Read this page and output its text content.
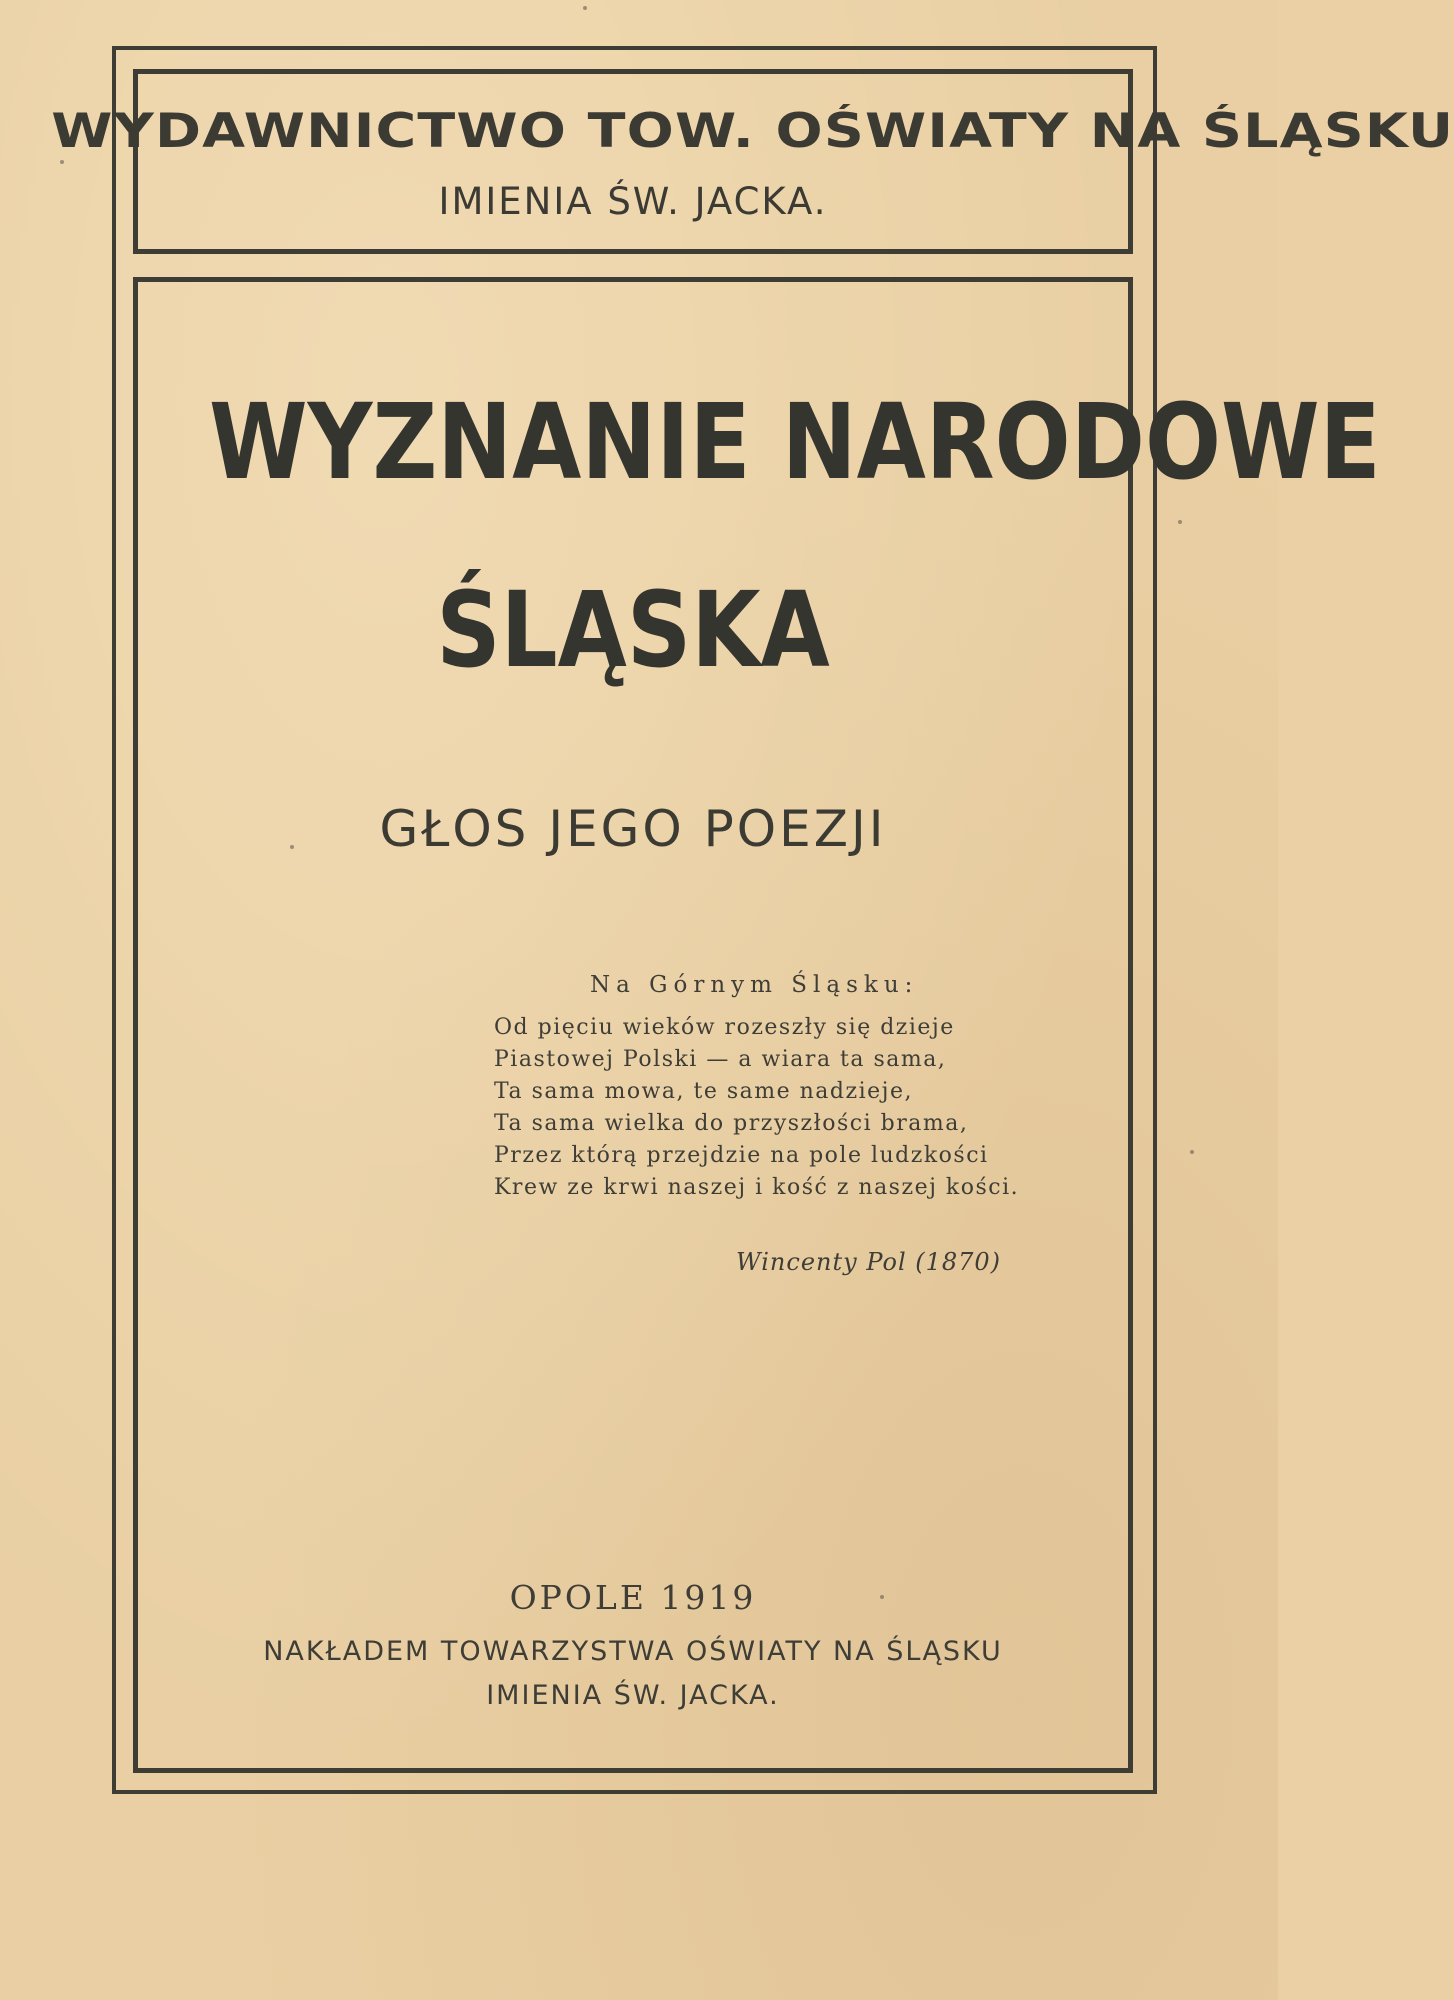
WYDAWNICTWO TOW. OŚWIATY NA ŚLĄSKU
IMIENIA ŚW. JACKA.
WYZNANIE NARODOWE
ŚLĄSKA
GŁOS JEGO POEZJI
Na Górnym Śląsku:
Od pięciu wieków rozeszły się dzieje
Piastowej Polski — a wiara ta sama,
Ta sama mowa, te same nadzieje,
Ta sama wielka do przyszłości brama,
Przez którą przejdzie na pole ludzkości
Krew ze krwi naszej i kość z naszej kości.
Wincenty Pol (1870)
OPOLE 1919
NAKŁADEM TOWARZYSTWA OŚWIATY NA ŚLĄSKU
IMIENIA ŚW. JACKA.
